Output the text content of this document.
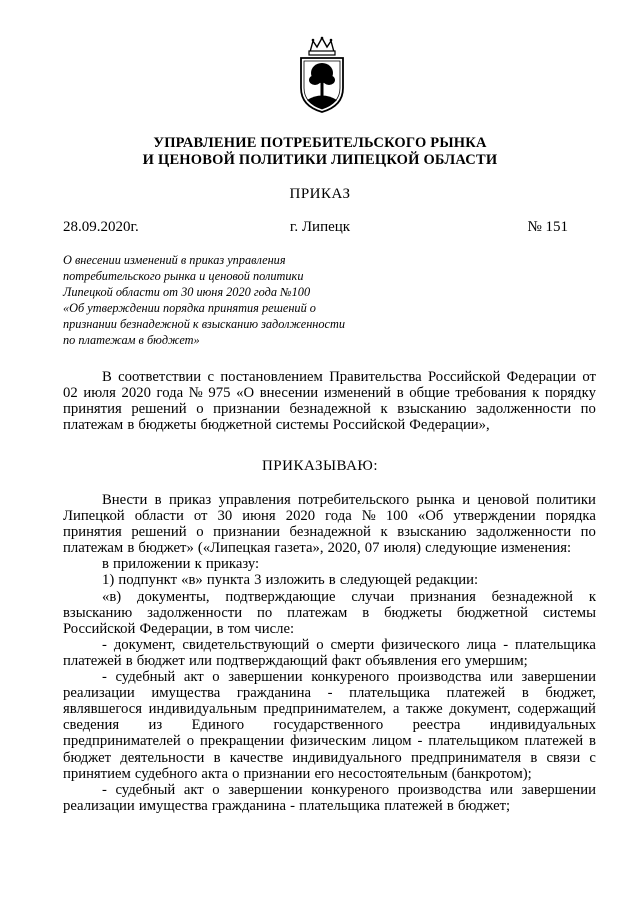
УПРАВЛЕНИЕ ПОТРЕБИТЕЛЬСКОГО РЫНКА
И ЦЕНОВОЙ ПОЛИТИКИ ЛИПЕЦКОЙ ОБЛАСТИ
ПРИКАЗ
г. Липецк
28.09.2020г.	№ 151
О внесении изменений в приказ управления
потребительского рынка и ценовой политики
Липецкой области от 30 июня 2020 года №100
«Об утверждении порядка принятия решений о
признании безнадежной к взысканию задолженности
по платежам в бюджет»
В соответствии с постановлением Правительства Российской Федерации от
02 июля 2020 года № 975 «О внесении изменений в общие требования к порядку
принятия решений о признании безнадежной к взысканию задолженности по
платежам в бюджеты бюджетной системы Российской Федерации»,
ПРИКАЗЫВАЮ:
Внести в приказ управления потребительского рынка и ценовой политики
Липецкой области от 30 июня 2020 года № 100 «Об утверждении порядка
принятия решений о признании безнадежной к взысканию задолженности по
платежам в бюджет» («Липецкая газета», 2020, 07 июля) следующие изменения:
в приложении к приказу:
1) подпункт «в» пункта 3 изложить в следующей редакции:
«в) документы, подтверждающие случаи признания безнадежной к
взысканию задолженности по платежам в бюджеты бюджетной системы
Российской Федерации, в том числе:
- документ, свидетельствующий о смерти физического лица - плательщика
платежей в бюджет или подтверждающий факт объявления его умершим;
- судебный акт о завершении конкуреного производства или завершении
реализации имущества гражданина - плательщика платежей в бюджет,
являвшегося индивидуальным предпринимателем, а также документ, содержащий
сведения из Единого государственного реестра индивидуальных
предпринимателей о прекращении физическим лицом - плательщиком платежей в
бюджет деятельности в качестве индивидуального предпринимателя в связи с
принятием судебного акта о признании его несостоятельным (банкротом);
- судебный акт о завершении конкуреного производства или завершении
реализации имущества гражданина - плательщика платежей в бюджет;
